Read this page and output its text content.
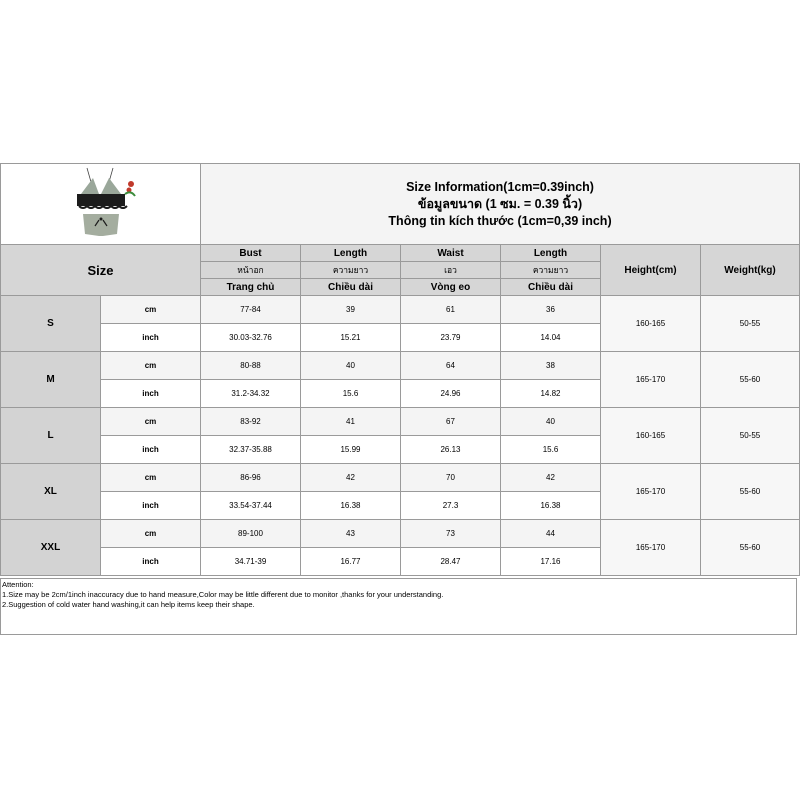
Size Information(1cm=0.39inch)
ข้อมูลขนาด (1 ซม. = 0.39 นิ้ว)
Thông tin kích thước (1cm=0,39 inch)					

Size		Bust	Length	Waist	Length	Height(cm)	Weight(kg)
		หน้าอก	ความยาว	เอว	ความยาว		
		Trang chủ	Chiều dài	Vòng eo	Chiều dài		
S	cm	77-84	39	61	36	160-165	50-55
	inch	30.03-32.76	15.21	23.79	14.04		
M	cm	80-88	40	64	38	165-170	55-60
	inch	31.2-34.32	15.6	24.96	14.82		
L	cm	83-92	41	67	40	160-165	50-55
	inch	32.37-35.88	15.99	26.13	15.6		
XL	cm	86-96	42	70	42	165-170	55-60
	inch	33.54-37.44	16.38	27.3	16.38		
XXL	cm	89-100	43	73	44	165-170	55-60
	inch	34.71-39	16.77	28.47	17.16		
Attention:
1.Size may be 2cm/1inch inaccuracy due to hand measure,Color may be little different due to monitor ,thanks for your understanding.
2.Suggestion of cold water hand washing,it can help items keep their shape.
